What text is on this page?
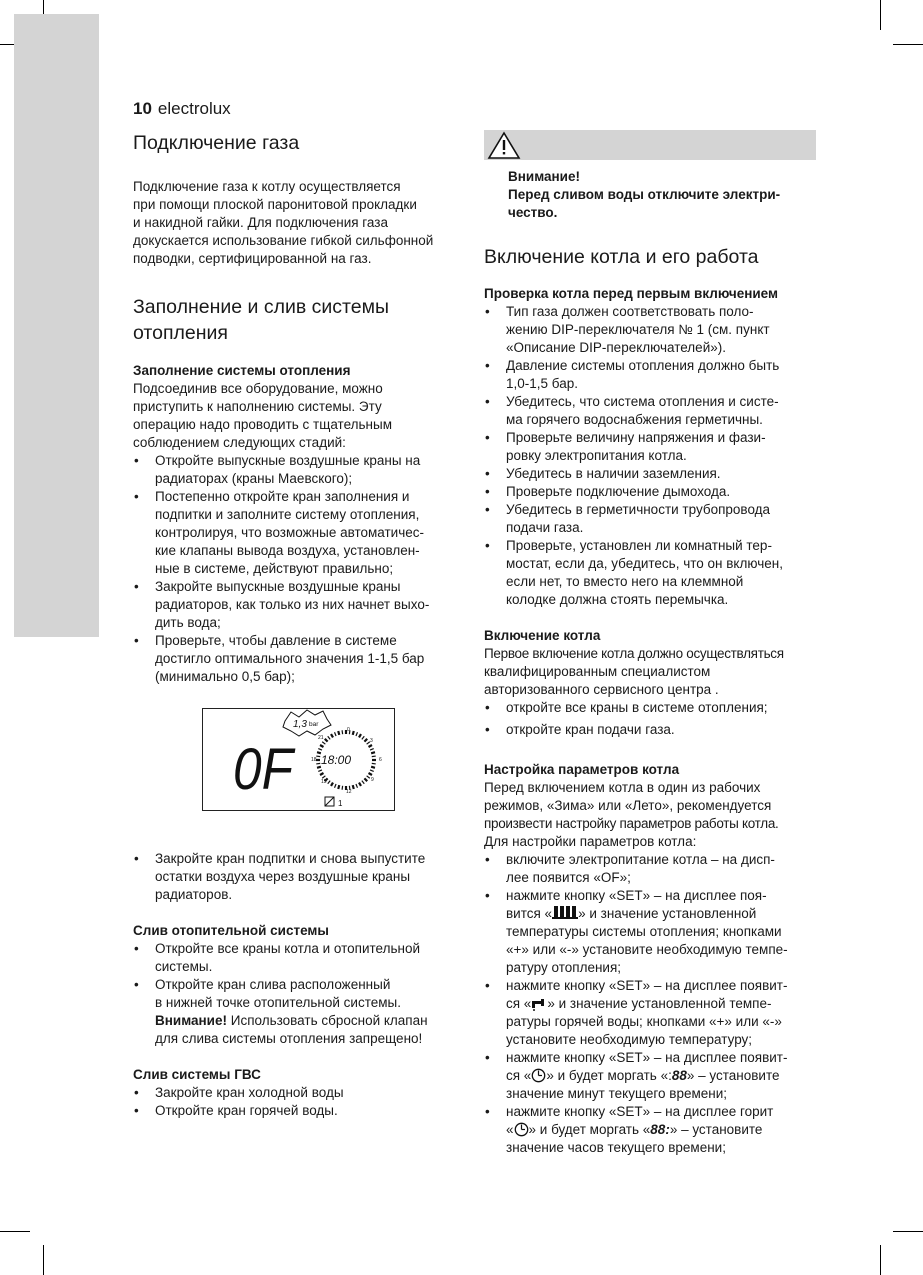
10 electrolux
Подключение газа

Подключение газа к котлу осуществляется
при помощи плоской паронитовой прокладки
и накидной гайки. Для подключения газа
докускается использование гибкой сильфонной
подводки, сертифицированной на газ.

Заполнение и слив системы
отопления
Заполнение системы отопления

Подсоединив все оборудование, можно
приступить к наполнению системы. Эту
операцию надо проводить с тщательным
соблюдением следующих стадий:

• Откройте выпускные воздушные краны на
радиаторах (краны Маевского);
• Постепенно откройте кран заполнения и
подпитки и заполните систему отопления,
контролируя, что возможные автоматичес-
кие клапаны вывода воздуха, установлен-
ные в системе, действуют правильно;
• Закройте выпускные воздушные краны
радиаторов, как только из них начнет выхо-
дить вода;
• Проверьте, чтобы давление в системе
достигло оптимального значения 1-1,5 бар
(минимально 0,5 бар);
• Закройте кран подпитки и снова выпустите
остатки воздуха через воздушные краны
радиаторов.
Слив отопительной системы
• Откройте все краны котла и отопительной
системы.
• Откройте кран слива расположенный
в нижней точке отопительной системы.
Внимание! Использовать сбросной клапан
для слива системы отопления запрещено!
Слив системы ГВС
• Закройте кран холодной воды
• Откройте кран горячей воды.
0F
1,3 bar
18:00
0
3
6
9
12
15
18
21
1
Внимание!
Перед сливом воды отключите электри-
чество.
Включение котла и его работа
Проверка котла перед первым включением
• Тип газа должен соответствовать поло-
жению DIP-переключателя № 1 (см. пункт
«Описание DIP-переключателей»).
• Давление системы отопления должно быть
1,0-1,5 бар.
• Убедитесь, что система отопления и систе-
ма горячего водоснабжения герметичны.
• Проверьте величину напряжения и фази-
ровку электропитания котла.
• Убедитесь в наличии заземления.
• Проверьте подключение дымохода.
• Убедитесь в герметичности трубопровода
подачи газа.
• Проверьте, установлен ли комнатный тер-
мостат, если да, убедитесь, что он включен,
если нет, то вместо него на клеммной
колодке должна стоять перемычка.
Включение котла

Первое включение котла должно осуществляться
квалифицированным специалистом
авторизованного сервисного центра .

• откройте все краны в системе отопления;
• откройте кран подачи газа.
Настройка параметров котла

Перед включением котла в один из рабочих
режимов, «Зима» или «Лето», рекомендуется
произвести настройку параметров работы котла.
Для настройки параметров котла:

• включите электропитание котла – на дисп-
лее появится «OF»;
• нажмите кнопку «SET» – на дисплее поя-
вится « » и значение установленной
температуры системы отопления; кнопками
«+» или «-» установите необходимую темпе-
ратуру отопления;
• нажмите кнопку «SET» – на дисплее появит-
ся « » и значение установленной темпе-
ратуры горячей воды; кнопками «+» или «-»
установите необходимую температуру;
• нажмите кнопку «SET» – на дисплее появит-
ся « » и будет моргать «:88» – установите
значение минут текущего времени;
• нажмите кнопку «SET» – на дисплее горит
« » и будет моргать «88:» – установите
значение часов текущего времени;
